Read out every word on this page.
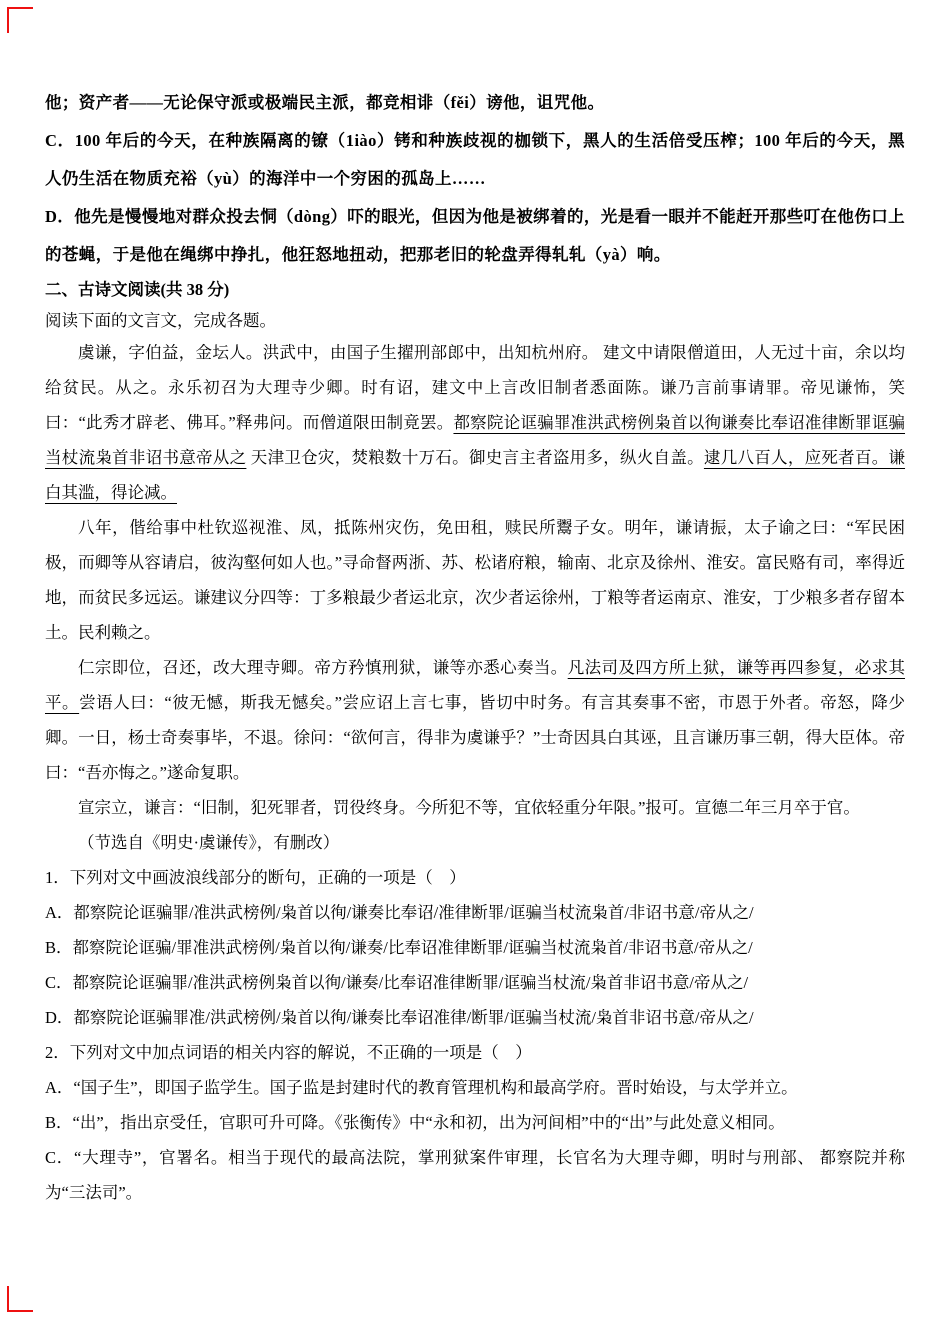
他；资产者——无论保守派或极端民主派，都竞相诽（fěi）谤他，诅咒他。

C．100 年后的今天，在种族隔离的镣（1iào）铐和种族歧视的枷锁下，黑人的生活倍受压榨；100 年后的今天，黑人仍生活在物质充裕（yù）的海洋中一个穷困的孤岛上……

D．他先是慢慢地对群众投去恫（dòng）吓的眼光，但因为他是被绑着的，光是看一眼并不能赶开那些叮在他伤口上的苍蝇，于是他在绳绑中挣扎，他狂怒地扭动，把那老旧的轮盘弄得轧轧（yà）响。

二、古诗文阅读(共 38 分)

阅读下面的文言文，完成各题。

虞谦，字伯益，金坛人。洪武中，由国子生擢刑部郎中，出知杭州府。 建文中请限僧道田，人无过十亩，余以均给贫民。从之。永乐初召为大理寺少卿。时有诏，建文中上言改旧制者悉面陈。谦乃言前事请罪。帝见谦怖，笑曰：“此秀才辟老、佛耳。”释弗问。而僧道限田制竟罢。都察院论诓骗罪准洪武榜例枭首以徇谦奏比奉诏准律断罪诓骗当杖流枭首非诏书意帝从之 天津卫仓灾，焚粮数十万石。御史言主者盗用多，纵火自盖。逮几八百人，应死者百。谦白其滥，得论减。

八年，偕给事中杜钦巡视淮、凤，抵陈州灾伤，免田租，赎民所鬻子女。明年，谦请振，太子谕之曰：“军民困极，而卿等从容请启，彼沟壑何如人也。”寻命督两浙、苏、松诸府粮，输南、北京及徐州、淮安。富民赂有司，率得近地，而贫民多远运。谦建议分四等：丁多粮最少者运北京，次少者运徐州，丁粮等者运南京、淮安，丁少粮多者存留本土。民利赖之。

仁宗即位，召还，改大理寺卿。帝方矜慎刑狱，谦等亦悉心奏当。凡法司及四方所上狱，谦等再四参复，必求其平。尝语人曰：“彼无憾，斯我无憾矣。”尝应诏上言七事，皆切中时务。有言其奏事不密，市恩于外者。帝怒，降少卿。一日，杨士奇奏事毕，不退。徐问：“欲何言，得非为虞谦乎？”士奇因具白其诬，且言谦历事三朝，得大臣体。帝曰：“吾亦悔之。”遂命复职。

宣宗立，谦言：“旧制，犯死罪者，罚役终身。今所犯不等，宜依轻重分年限。”报可。宣德二年三月卒于官。

（节选自《明史·虞谦传》，有删改）

1．下列对文中画波浪线部分的断句，正确的一项是（　）

A．都察院论诓骗罪/准洪武榜例/枭首以徇/谦奏比奉诏/准律断罪/诓骗当杖流枭首/非诏书意/帝从之/

B．都察院论诓骗/罪准洪武榜例/枭首以徇/谦奏/比奉诏准律断罪/诓骗当杖流枭首/非诏书意/帝从之/

C．都察院论诓骗罪/准洪武榜例枭首以徇/谦奏/比奉诏准律断罪/诓骗当杖流/枭首非诏书意/帝从之/

D．都察院论诓骗罪准/洪武榜例/枭首以徇/谦奏比奉诏准律/断罪/诓骗当杖流/枭首非诏书意/帝从之/

2．下列对文中加点词语的相关内容的解说，不正确的一项是（　）

A．“国子生”，即国子监学生。国子监是封建时代的教育管理机构和最高学府。晋时始设，与太学并立。

B．“出”，指出京受任，官职可升可降。《张衡传》中“永和初，出为河间相”中的“出”与此处意义相同。

C．“大理寺”，官署名。相当于现代的最高法院，掌刑狱案件审理，长官名为大理寺卿，明时与刑部、 都察院并称为“三法司”。
